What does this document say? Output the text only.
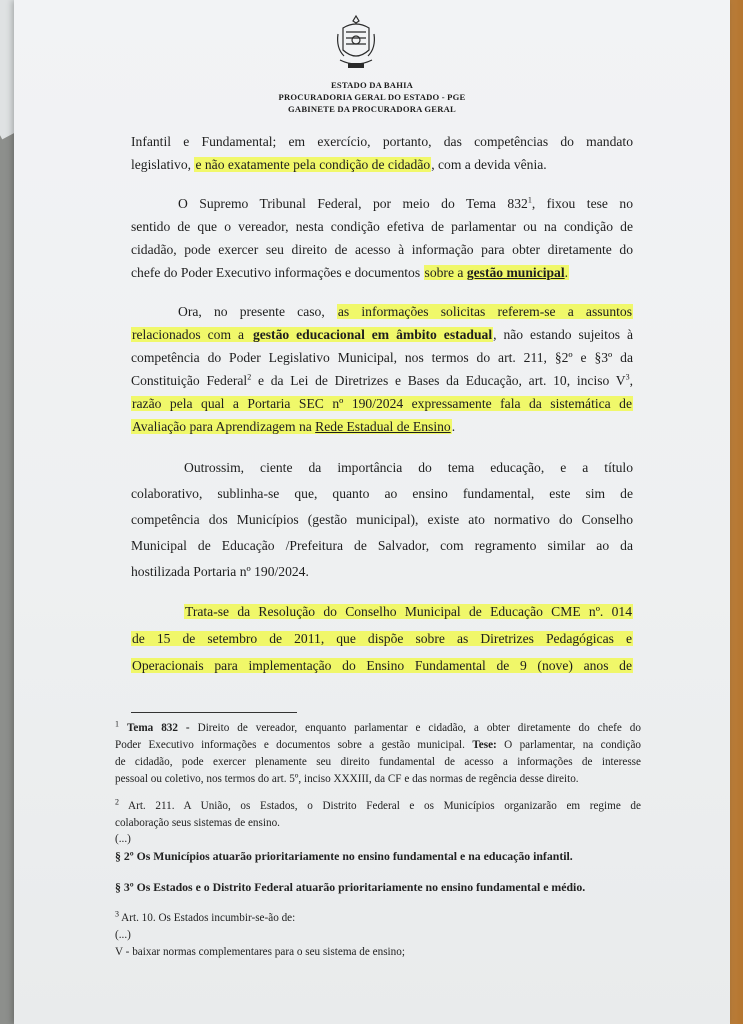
ESTADO DA BAHIA
PROCURADORIA GERAL DO ESTADO - PGE
GABINETE DA PROCURADORA GERAL
Infantil e Fundamental; em exercício, portanto, das competências do mandato
legislativo, e não exatamente pela condição de cidadão, com a devida vênia.
O Supremo Tribunal Federal, por meio do Tema $832^1$, fixou tese no
sentido de que o vereador, nesta condição efetiva de parlamentar ou na condição de
cidadão, pode exercer seu direito de acesso à informação para obter diretamente do
chefe do Poder Executivo informações e documentos sobre a gestão municipal.
Ora, no presente caso, as informações solicitas referem-se a assuntos
relacionados com a gestão educacional em âmbito estadual, não estando sujeitos à
competência do Poder Legislativo Municipal, nos termos do art. 211, §2º e §3º da
Constituição Federal$^2$ e da Lei de Diretrizes e Bases da Educação, art. 10, inciso $V^3$,
razão pela qual a Portaria SEC nº 190/2024 expressamente fala da sistemática de
Avaliação para Aprendizagem na Rede Estadual de Ensino.
Outrossim, ciente da importância do tema educação, e a título
colaborativo, sublinha-se que, quanto ao ensino fundamental, este sim de
competência dos Municípios (gestão municipal), existe ato normativo do Conselho
Municipal de Educação /Prefeitura de Salvador, com regramento similar ao da
hostilizada Portaria nº 190/2024.
Trata-se da Resolução do Conselho Municipal de Educação CME nº. 014
de 15 de setembro de 2011, que dispõe sobre as Diretrizes Pedagógicas e
Operacionais para implementação do Ensino Fundamental de 9 (nove) anos de
$^1$ Tema 832 - Direito de vereador, enquanto parlamentar e cidadão, a obter diretamente do chefe do
Poder Executivo informações e documentos sobre a gestão municipal. Tese: O parlamentar, na condição
de cidadão, pode exercer plenamente seu direito fundamental de acesso a informações de interesse
pessoal ou coletivo, nos termos do art. 5º, inciso XXXIII, da CF e das normas de regência desse direito.
$^2$ Art. 211. A União, os Estados, o Distrito Federal e os Municípios organizarão em regime de
colaboração seus sistemas de ensino.
(...)
§ 2º Os Municípios atuarão prioritariamente no ensino fundamental e na educação infantil.
§ 3º Os Estados e o Distrito Federal atuarão prioritariamente no ensino fundamental e médio.
$^3$ Art. 10. Os Estados incumbir-se-ão de:
(...)
V - baixar normas complementares para o seu sistema de ensino;
